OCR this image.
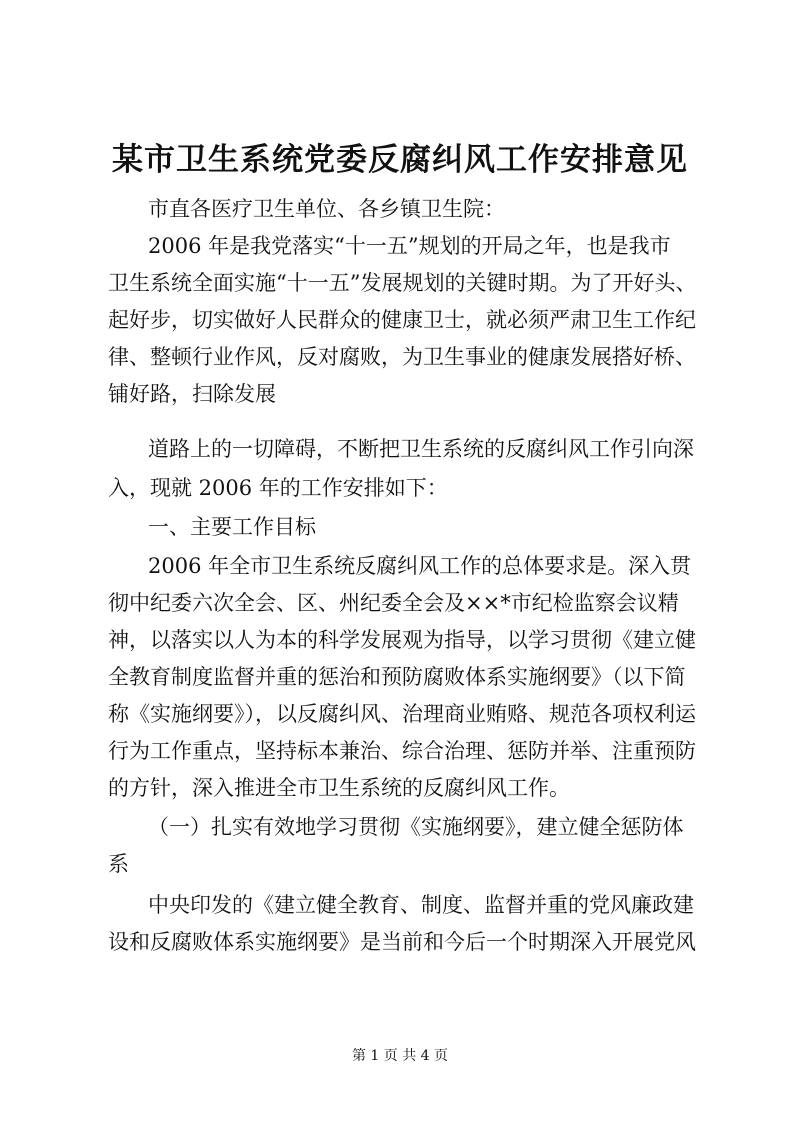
某市卫生系统党委反腐纠风工作安排意见
市直各医疗卫生单位、各乡镇卫生院：
2006 年是我党落实“十一五”规划的开局之年，也是我市
卫生系统全面实施“十一五”发展规划的关键时期。为了开好头、
起好步，切实做好人民群众的健康卫士，就必须严肃卫生工作纪
律、整顿行业作风，反对腐败，为卫生事业的健康发展搭好桥、
铺好路，扫除发展
道路上的一切障碍，不断把卫生系统的反腐纠风工作引向深
入，现就 2006 年的工作安排如下：
一、主要工作目标
2006 年全市卫生系统反腐纠风工作的总体要求是。深入贯
彻中纪委六次全会、区、州纪委全会及××*市纪检监察会议精
神，以落实以人为本的科学发展观为指导，以学习贯彻《建立健
全教育制度监督并重的惩治和预防腐败体系实施纲要》（以下简
称《实施纲要》），以反腐纠风、治理商业贿赂、规范各项权利运
行为工作重点，坚持标本兼治、综合治理、惩防并举、注重预防
的方针，深入推进全市卫生系统的反腐纠风工作。
（一）扎实有效地学习贯彻《实施纲要》，建立健全惩防体
系
中央印发的《建立健全教育、制度、监督并重的党风廉政建
设和反腐败体系实施纲要》是当前和今后一个时期深入开展党风
第 1 页 共 4 页
